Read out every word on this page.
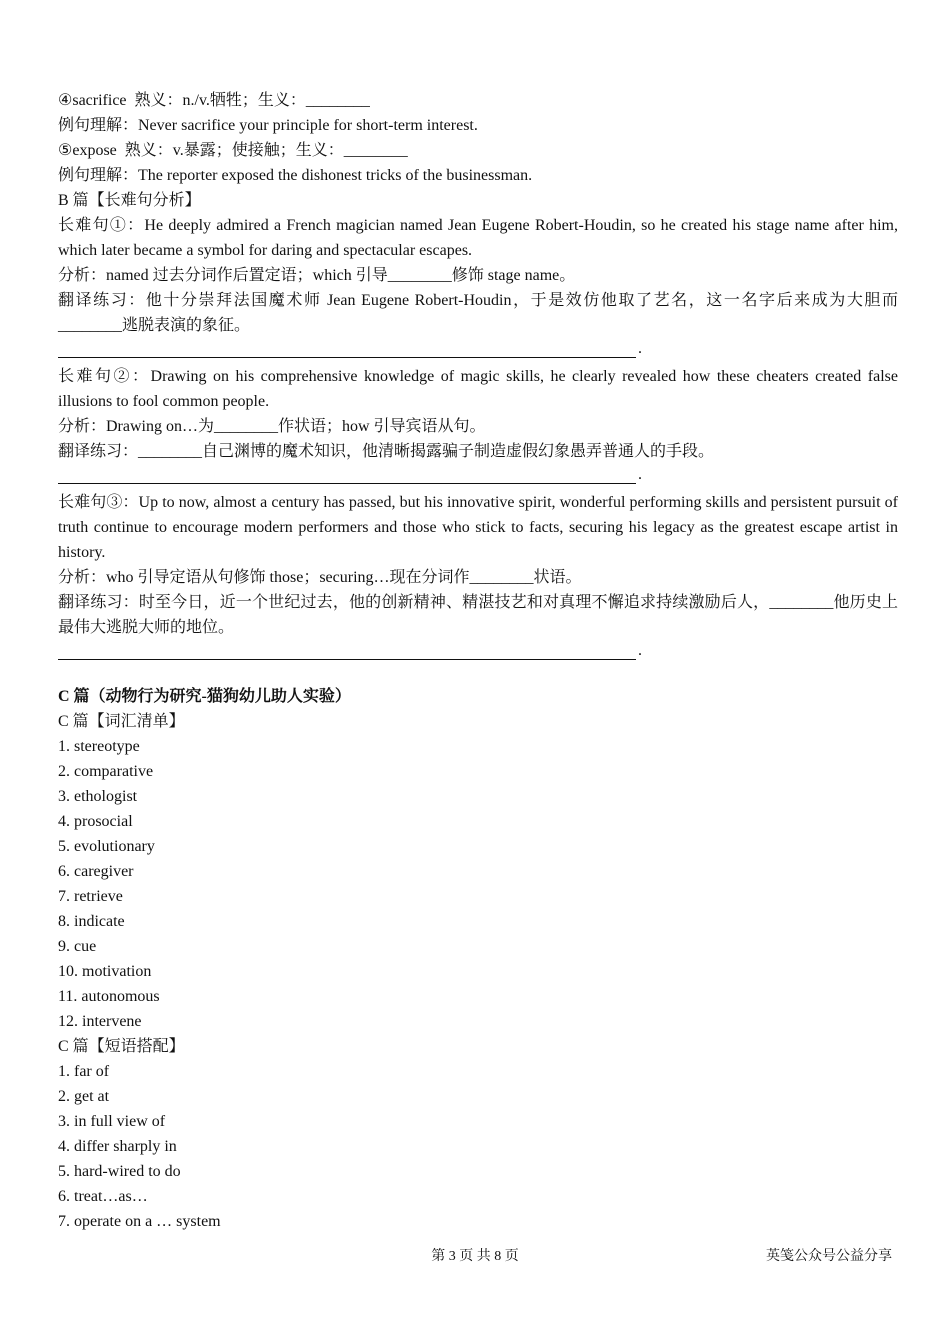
④sacrifice  熟义：n./v.牺牲；生义：________
例句理解：Never sacrifice your principle for short-term interest.
⑤expose  熟义：v.暴露；使接触；生义：________
例句理解：The reporter exposed the dishonest tricks of the businessman.
B 篇【长难句分析】
长难句①：He deeply admired a French magician named Jean Eugene Robert-Houdin, so he created his stage name after him, which later became a symbol for daring and spectacular escapes.
分析：named 过去分词作后置定语；which 引导________修饰 stage name。
翻译练习：他十分崇拜法国魔术师 Jean Eugene Robert-Houdin，于是效仿他取了艺名，这一名字后来成为大胆而________逃脱表演的象征。
.
长难句②：Drawing on his comprehensive knowledge of magic skills, he clearly revealed how these cheaters created false illusions to fool common people.
分析：Drawing on…为________作状语；how 引导宾语从句。
翻译练习：________自己渊博的魔术知识，他清晰揭露骗子制造虚假幻象愚弄普通人的手段。
.
长难句③：Up to now, almost a century has passed, but his innovative spirit, wonderful performing skills and persistent pursuit of truth continue to encourage modern performers and those who stick to facts, securing his legacy as the greatest escape artist in history.
分析：who 引导定语从句修饰 those；securing…现在分词作________状语。
翻译练习：时至今日，近一个世纪过去，他的创新精神、精湛技艺和对真理不懈追求持续激励后人，________他历史上最伟大逃脱大师的地位。
.
C 篇（动物行为研究-猫狗幼儿助人实验）
C 篇【词汇清单】
1. stereotype
2. comparative
3. ethologist
4. prosocial
5. evolutionary
6. caregiver
7. retrieve
8. indicate
9. cue
10. motivation
11. autonomous
12. intervene
C 篇【短语搭配】
1. far of
2. get at
3. in full view of
4. differ sharply in
5. hard-wired to do
6. treat…as…
7. operate on a … system
第 3 页 共 8 页	英笺公众号公益分享
